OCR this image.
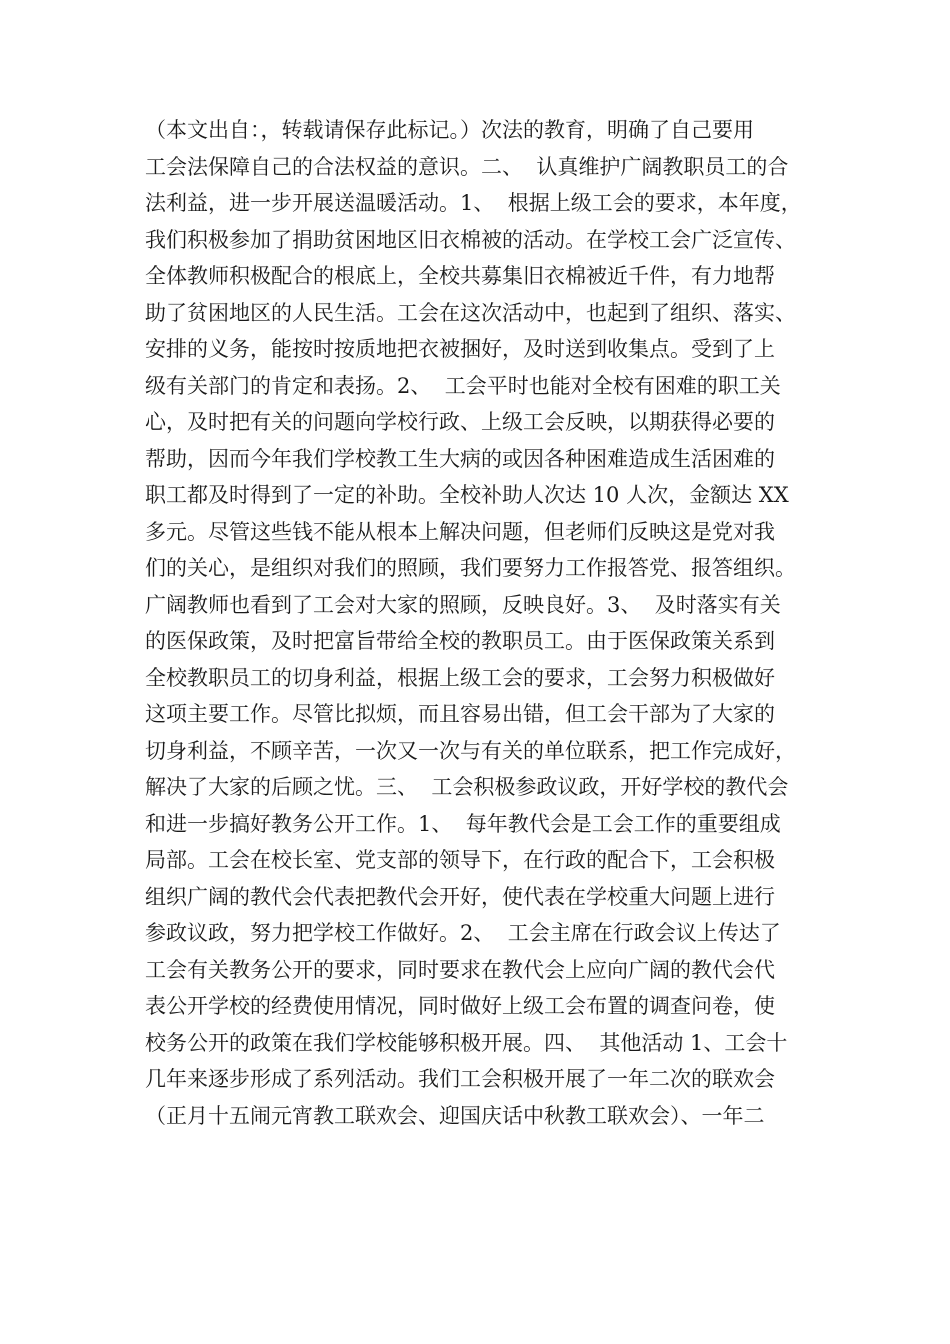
（本文出自：，转载请保存此标记。）次法的教育，明确了自己要用
工会法保障自己的合法权益的意识。二、  认真维护广阔教职员工的合
法利益，进一步开展送温暖活动。1、  根据上级工会的要求，本年度，
我们积极参加了捐助贫困地区旧衣棉被的活动。在学校工会广泛宣传、
全体教师积极配合的根底上，全校共募集旧衣棉被近千件，有力地帮
助了贫困地区的人民生活。工会在这次活动中，也起到了组织、落实、
安排的义务，能按时按质地把衣被捆好，及时送到收集点。受到了上
级有关部门的肯定和表扬。2、  工会平时也能对全校有困难的职工关
心，及时把有关的问题向学校行政、上级工会反映，以期获得必要的
帮助，因而今年我们学校教工生大病的或因各种困难造成生活困难的
职工都及时得到了一定的补助。全校补助人次达 10 人次，金额达 XX
多元。尽管这些钱不能从根本上解决问题，但老师们反映这是党对我
们的关心，是组织对我们的照顾，我们要努力工作报答党、报答组织。
广阔教师也看到了工会对大家的照顾，反映良好。3、  及时落实有关
的医保政策，及时把富旨带给全校的教职员工。由于医保政策关系到
全校教职员工的切身利益，根据上级工会的要求，工会努力积极做好
这项主要工作。尽管比拟烦，而且容易出错，但工会干部为了大家的
切身利益，不顾辛苦，一次又一次与有关的单位联系，把工作完成好，
解决了大家的后顾之忧。三、  工会积极参政议政，开好学校的教代会
和进一步搞好教务公开工作。1、  每年教代会是工会工作的重要组成
局部。工会在校长室、党支部的领导下，在行政的配合下，工会积极
组织广阔的教代会代表把教代会开好，使代表在学校重大问题上进行
参政议政，努力把学校工作做好。2、  工会主席在行政会议上传达了
工会有关教务公开的要求，同时要求在教代会上应向广阔的教代会代
表公开学校的经费使用情况，同时做好上级工会布置的调查问卷，使
校务公开的政策在我们学校能够积极开展。四、  其他活动 1、工会十
几年来逐步形成了系列活动。我们工会积极开展了一年二次的联欢会
（正月十五闹元宵教工联欢会、迎国庆话中秋教工联欢会）、一年二
